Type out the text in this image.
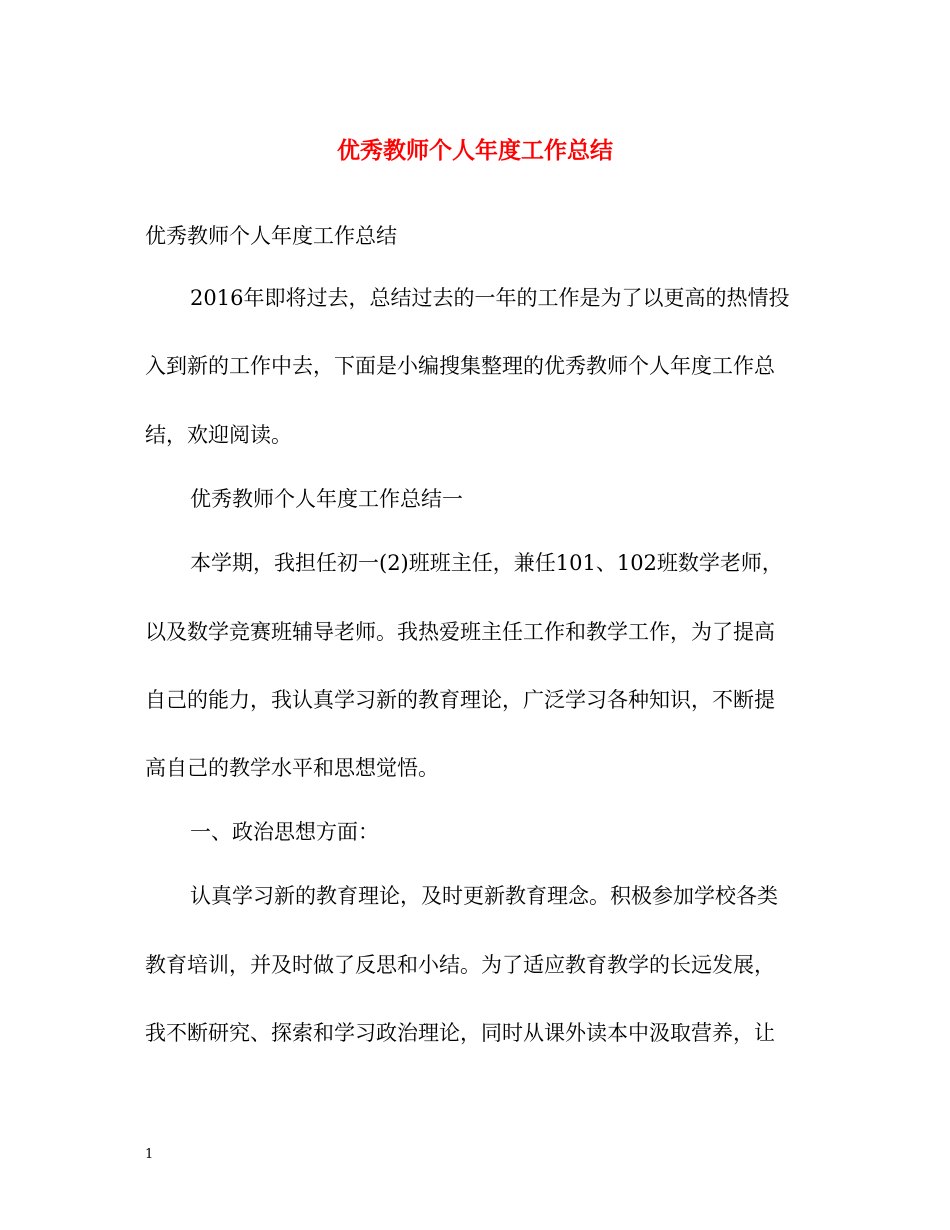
优秀教师个人年度工作总结
优秀教师个人年度工作总结
2016年即将过去，总结过去的一年的工作是为了以更高的热情投
入到新的工作中去，下面是小编搜集整理的优秀教师个人年度工作总
结，欢迎阅读。
优秀教师个人年度工作总结一
本学期，我担任初一(2)班班主任，兼任101、102班数学老师，
以及数学竞赛班辅导老师。我热爱班主任工作和教学工作，为了提高
自己的能力，我认真学习新的教育理论，广泛学习各种知识，不断提
高自己的教学水平和思想觉悟。
一、政治思想方面：
认真学习新的教育理论，及时更新教育理念。积极参加学校各类
教育培训，并及时做了反思和小结。为了适应教育教学的长远发展，
我不断研究、探索和学习政治理论，同时从课外读本中汲取营养，让
1
